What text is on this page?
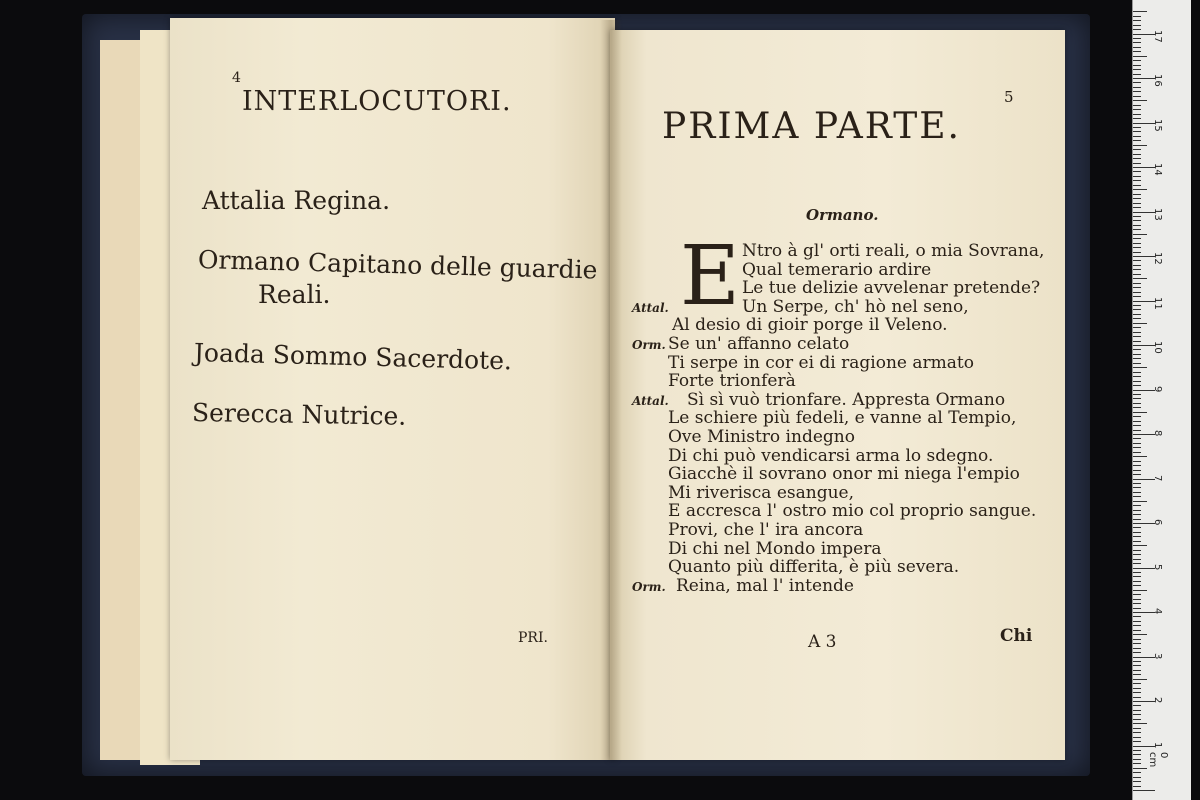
4
INTERLOCUTORI.
Attalia Regina.
Ormano Capitano delle guardie
Reali.
Joada Sommo Sacerdote.
Serecca Nutrice.
PRI.
PRIMA PARTE.
5
Ormano.
E Ntro à gl' orti reali, o mia Sovrana,
Qual temerario ardire
Le tue delizie avvelenar pretende?
Attal.	Un Serpe, ch' hò nel seno,
Al desio di gioir porge il Veleno.
Orm. Se un' affanno celato
Ti serpe in cor ei di ragione armato
Forte trionferà
Attal. Sì sì vuò trionfare. Appresta Ormano
Le schiere più fedeli, e vanne al Tempio,
Ove Ministro indegno
Di chi può vendicarsi arma lo sdegno.
Giacchè il sovrano onor mi niega l'empio
Mi riverisca esangue,
E accresca l' ostro mio col proprio sangue.
Provi, che l' ira ancora
Di chi nel Mondo impera
Quanto più differita, è più severa.
Orm. Reina, mal l' intende
A 3	Chi
0 cm
1
2
3
4
5
6
7
8
9
10
11
12
13
14
15
16
17
